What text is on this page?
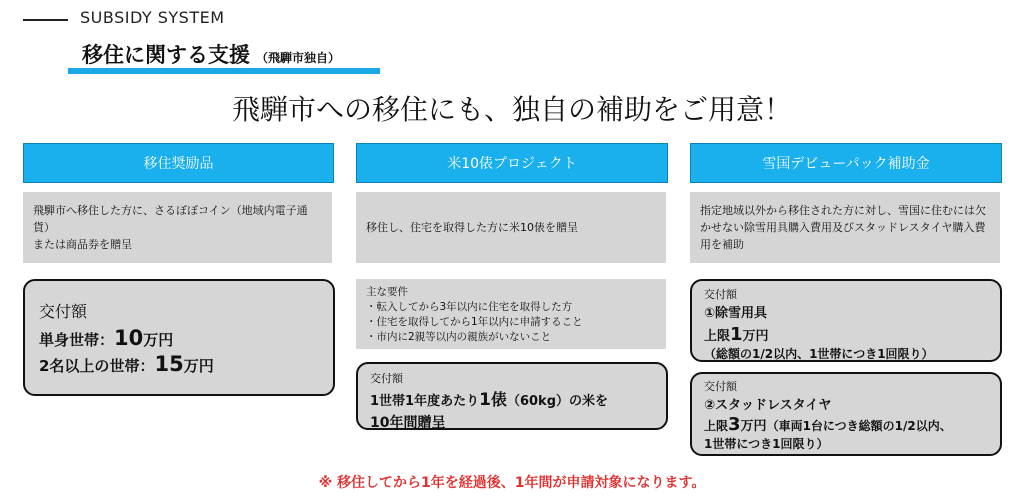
SUBSIDY SYSTEM
移住に関する支援 （飛騨市独自）
飛騨市への移住にも、独自の補助をご用意！
移住奨励品
飛騨市へ移住した方に、さるぼぼコイン（地域内電子通貨）
または商品券を贈呈
交付額
単身世帯：10万円
2名以上の世帯：15万円
米10俵プロジェクト
移住し、住宅を取得した方に米10俵を贈呈
主な要件
・転入してから3年以内に住宅を取得した方
・住宅を取得してから1年以内に申請すること
・市内に2親等以内の親族がいないこと
交付額
1世帯1年度あたり1俵（60kg）の米を
10年間贈呈
雪国デビューパック補助金
指定地域以外から移住された方に対し、雪国に住むには欠
かせない除雪用具購入費用及びスタッドレスタイヤ購入費
用を補助
交付額
①除雪用具
上限1万円
（総額の1/2以内、1世帯につき1回限り）
交付額
②スタッドレスタイヤ
上限3万円（車両1台につき総額の1/2以内、
1世帯につき1回限り）
※ 移住してから1年を経過後、1年間が申請対象になります。
